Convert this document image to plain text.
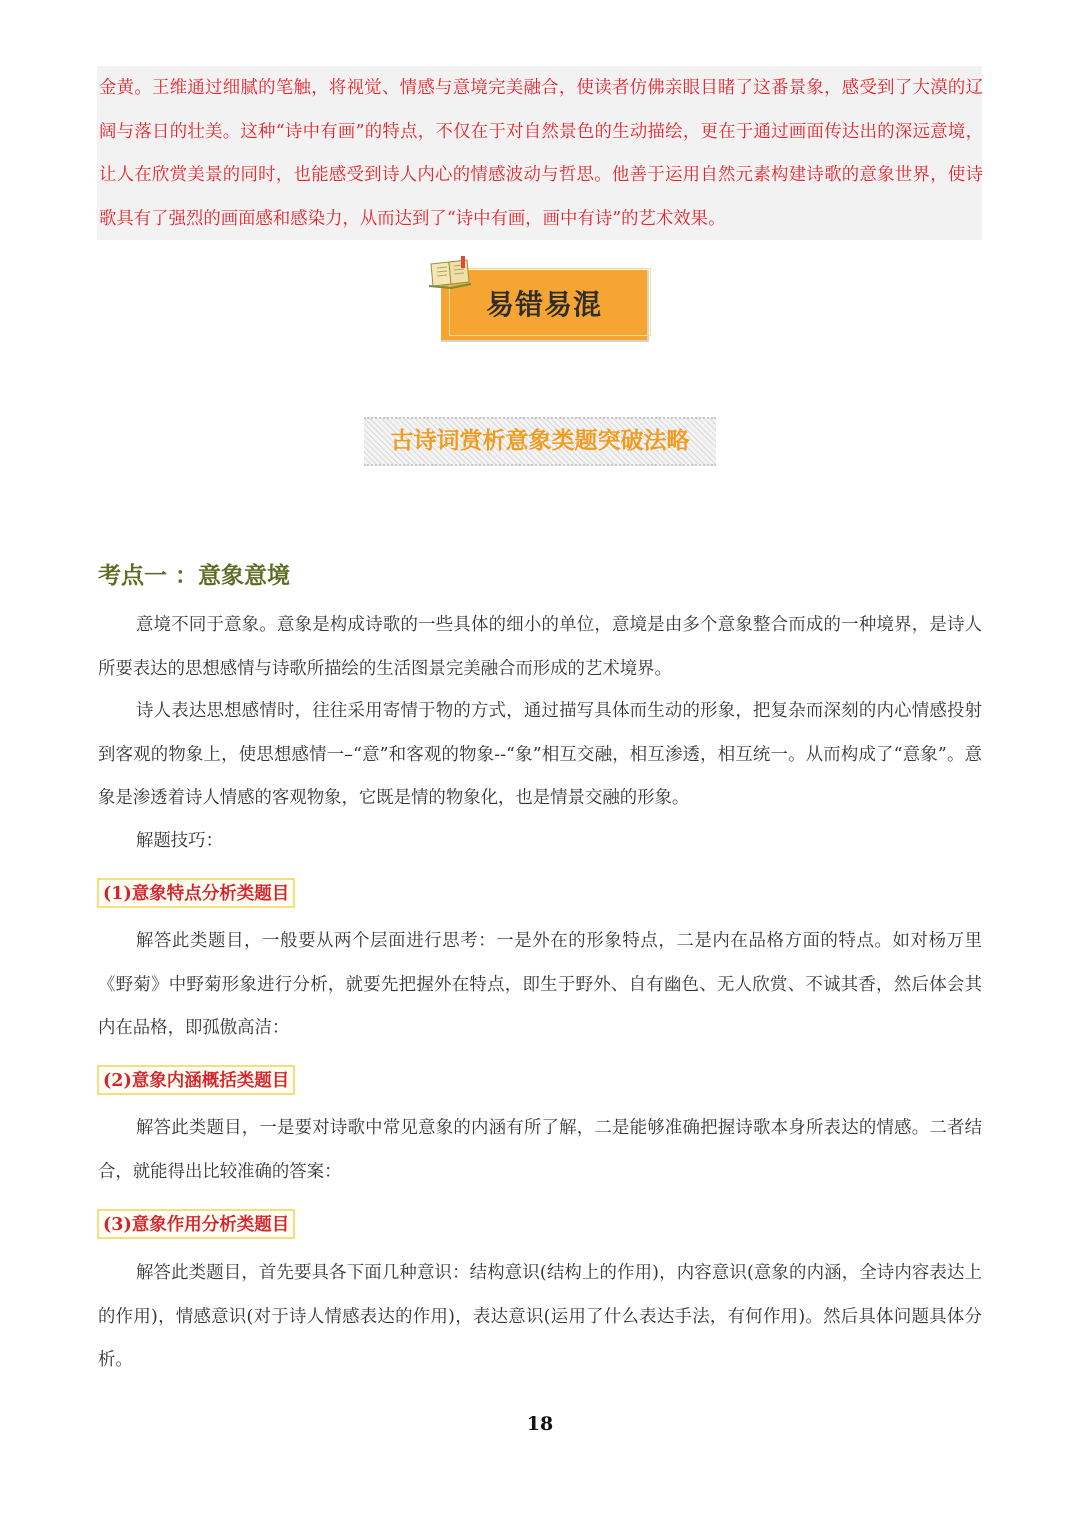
金黄。王维通过细腻的笔触，将视觉、情感与意境完美融合，使读者仿佛亲眼目睹了这番景象，感受到了大漠的辽阔与落日的壮美。这种“诗中有画”的特点，不仅在于对自然景色的生动描绘，更在于通过画面传达出的深远意境，让人在欣赏美景的同时，也能感受到诗人内心的情感波动与哲思。他善于运用自然元素构建诗歌的意象世界，使诗歌具有了强烈的画面感和感染力，从而达到了“诗中有画，画中有诗”的艺术效果。

易错易混

古诗词赏析意象类题突破法略

考点一 ：意象意境

意境不同于意象。意象是构成诗歌的一些具体的细小的单位，意境是由多个意象整合而成的一种境界，是诗人所要表达的思想感情与诗歌所描绘的生活图景完美融合而形成的艺术境界。

诗人表达思想感情时，往往采用寄情于物的方式，通过描写具体而生动的形象，把复杂而深刻的内心情感投射到客观的物象上，使思想感情一–“意”和客观的物象--“象”相互交融，相互渗透，相互统一。从而构成了“意象”。意象是渗透着诗人情感的客观物象，它既是情的物象化，也是情景交融的形象。

解题技巧：

(1)意象特点分析类题目

解答此类题目，一般要从两个层面进行思考：一是外在的形象特点，二是内在品格方面的特点。如对杨万里《野菊》中野菊形象进行分析，就要先把握外在特点，即生于野外、自有幽色、无人欣赏、不诚其香，然后体会其内在品格，即孤傲高洁：

(2)意象内涵概括类题目

解答此类题目，一是要对诗歌中常见意象的内涵有所了解，二是能够准确把握诗歌本身所表达的情感。二者结合，就能得出比较准确的答案：

(3)意象作用分析类题目

解答此类题目，首先要具各下面几种意识：结构意识(结构上的作用)，内容意识(意象的内涵，全诗内容表达上的作用)，情感意识(对于诗人情感表达的作用)，表达意识(运用了什么表达手法，有何作用)。然后具体问题具体分析。

18
